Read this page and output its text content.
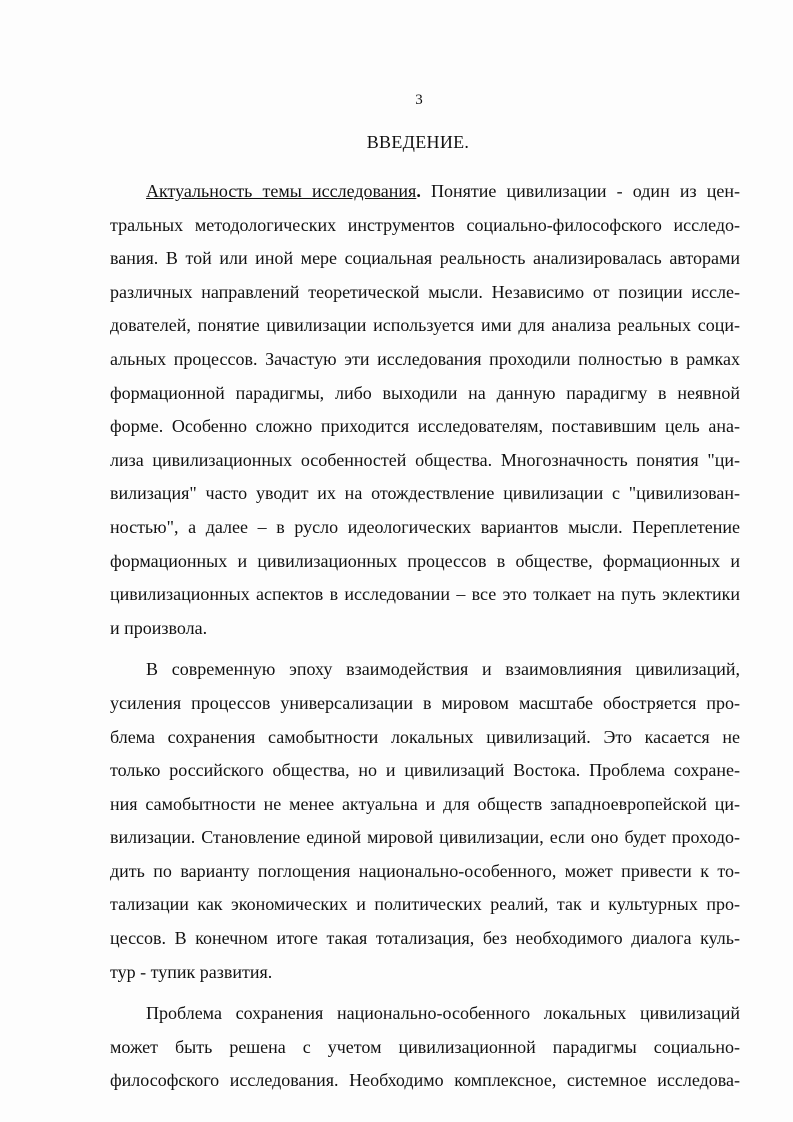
3
ВВЕДЕНИЕ.
Актуальность темы исследования. Понятие цивилизации - один из цен-
тральных методологических инструментов социально-философского исследо-
вания. В той или иной мере социальная реальность анализировалась авторами
различных направлений теоретической мысли. Независимо от позиции иссле-
дователей, понятие цивилизации используется ими для анализа реальных соци-
альных процессов. Зачастую эти исследования проходили полностью в рамках
формационной парадигмы, либо выходили на данную парадигму в неявной
форме. Особенно сложно приходится исследователям, поставившим цель ана-
лиза цивилизационных особенностей общества. Многозначность понятия "ци-
вилизация" часто уводит их на отождествление цивилизации с "цивилизован-
ностью", а далее – в русло идеологических вариантов мысли. Переплетение
формационных и цивилизационных процессов в обществе, формационных и
цивилизационных аспектов в исследовании – все это толкает на путь эклектики
и произвола.
В современную эпоху взаимодействия и взаимовлияния цивилизаций,
усиления процессов универсализации в мировом масштабе обостряется про-
блема сохранения самобытности локальных цивилизаций. Это касается не
только российского общества, но и цивилизаций Востока. Проблема сохране-
ния самобытности не менее актуальна и для обществ западноевропейской ци-
вилизации. Становление единой мировой цивилизации, если оно будет проходо-
дить по варианту поглощения национально-особенного, может привести к то-
тализации как экономических и политических реалий, так и культурных про-
цессов. В конечном итоге такая тотализация, без необходимого диалога куль-
тур - тупик развития.
Проблема сохранения национально-особенного локальных цивилизаций
может быть решена с учетом цивилизационной парадигмы социально-
философского исследования. Необходимо комплексное, системное исследова-
